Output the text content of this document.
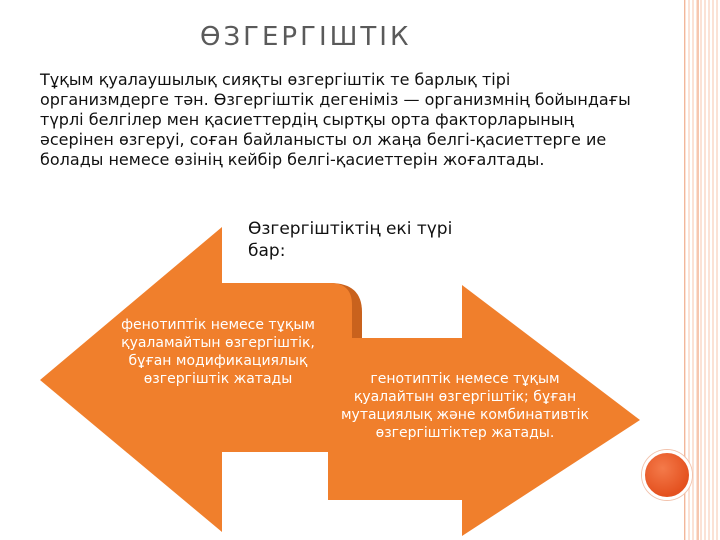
ӨЗГЕРГІШТІК
Тұқым қуалаушылық сияқты өзгергіштік те барлық тірі организмдерге тән. Өзгергіштік дегеніміз — организмнің бойындағы түрлі белгілер мен қасиеттердің сыртқы орта факторларының әсерінен өзгеруі, соған байланысты ол жаңа белгі-қасиеттерге ие болады немесе өзінің кейбір белгі-қасиеттерін жоғалтады.
Өзгергіштіктің екі түрі бар:
фенотиптік немесе тұқым қуаламайтын өзгергіштік, бұған модификациялық өзгергіштік жатады	генотиптік немесе тұқым қуалайтын өзгергіштік; бұған мутациялық және комбинативтік өзгергіштіктер жатады.
